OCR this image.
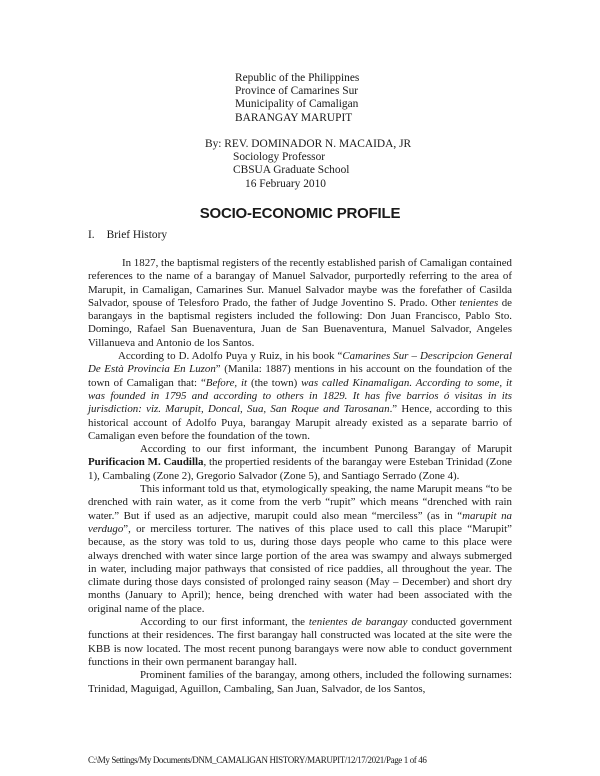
Republic of the Philippines
Province of Camarines Sur
Municipality of Camaligan
BARANGAY MARUPIT
By: REV. DOMINADOR N. MACAIDA, JR
Sociology Professor
CBSUA Graduate School
16 February 2010
SOCIO-ECONOMIC PROFILE
I. Brief History

In 1827, the baptismal registers of the recently established parish of Camaligan contained references to the name of a barangay of Manuel Salvador, purportedly referring to the area of Marupit, in Camaligan, Camarines Sur. Manuel Salvador maybe was the forefather of Casilda Salvador, spouse of Telesforo Prado, the father of Judge Joventino S. Prado. Other tenientes de barangays in the baptismal registers included the following: Don Juan Francisco, Pablo Sto. Domingo, Rafael San Buenaventura, Juan de San Buenaventura, Manuel Salvador, Angeles Villanueva and Antonio de los Santos.

According to D. Adolfo Puya y Ruiz, in his book “Camarines Sur – Descripcion General De Està Provincia En Luzon” (Manila: 1887) mentions in his account on the foundation of the town of Camaligan that: “Before, it (the town) was called Kinamaligan. According to some, it was founded in 1795 and according to others in 1829. It has five barrios ó visitas in its jurisdiction: viz. Marupit, Doncal, Sua, San Roque and Tarosanan.” Hence, according to this historical account of Adolfo Puya, barangay Marupit already existed as a separate barrio of Camaligan even before the foundation of the town.

According to our first informant, the incumbent Punong Barangay of Marupit Purificacion M. Caudilla, the propertied residents of the barangay were Esteban Trinidad (Zone 1), Cambaling (Zone 2), Gregorio Salvador (Zone 5), and Santiago Serrado (Zone 4).

This informant told us that, etymologically speaking, the name Marupit means “to be drenched with rain water, as it come from the verb “rupit” which means “drenched with rain water.” But if used as an adjective, marupit could also mean “merciless” (as in “marupit na verdugo”, or merciless torturer. The natives of this place used to call this place “Marupit” because, as the story was told to us, during those days people who came to this place were always drenched with water since large portion of the area was swampy and always submerged in water, including major pathways that consisted of rice paddies, all throughout the year. The climate during those days consisted of prolonged rainy season (May – December) and short dry months (January to April); hence, being drenched with water had been associated with the original name of the place.

According to our first informant, the tenientes de barangay conducted government functions at their residences. The first barangay hall constructed was located at the site were the KBB is now located. The most recent punong barangays were now able to conduct government functions in their own permanent barangay hall.

Prominent families of the barangay, among others, included the following surnames: Trinidad, Maguigad, Aguillon, Cambaling, San Juan, Salvador, de los Santos,

C:\My Settings/My Documents/DNM_CAMALIGAN HISTORY/MARUPIT/12/17/2021/Page 1 of 46
